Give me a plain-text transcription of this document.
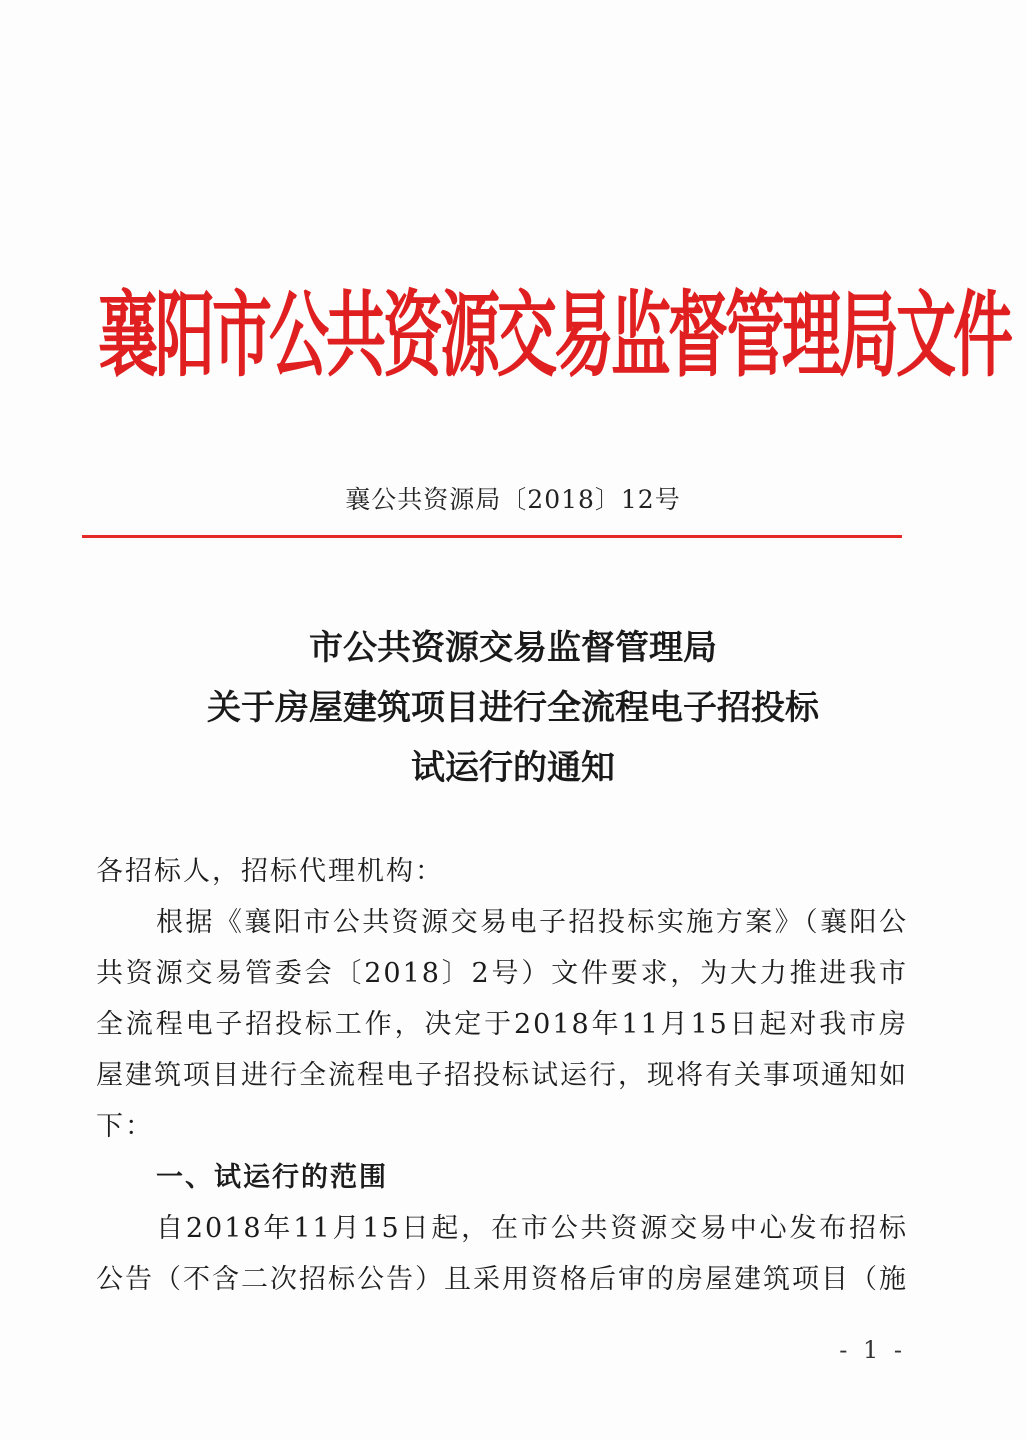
襄阳市公共资源交易监督管理局文件
襄公共资源局〔2018〕12号
市公共资源交易监督管理局
关于房屋建筑项目进行全流程电子招投标
试运行的通知

各招标人，招标代理机构：

根据《襄阳市公共资源交易电子招投标实施方案》（襄阳公共资源交易管委会〔2018〕2号）文件要求，为大力推进我市全流程电子招投标工作，决定于2018年11月15日起对我市房屋建筑项目进行全流程电子招投标试运行，现将有关事项通知如下：

一、试运行的范围

自2018年11月15日起，在市公共资源交易中心发布招标公告（不含二次招标公告）且采用资格后审的房屋建筑项目（施

- 1 -
